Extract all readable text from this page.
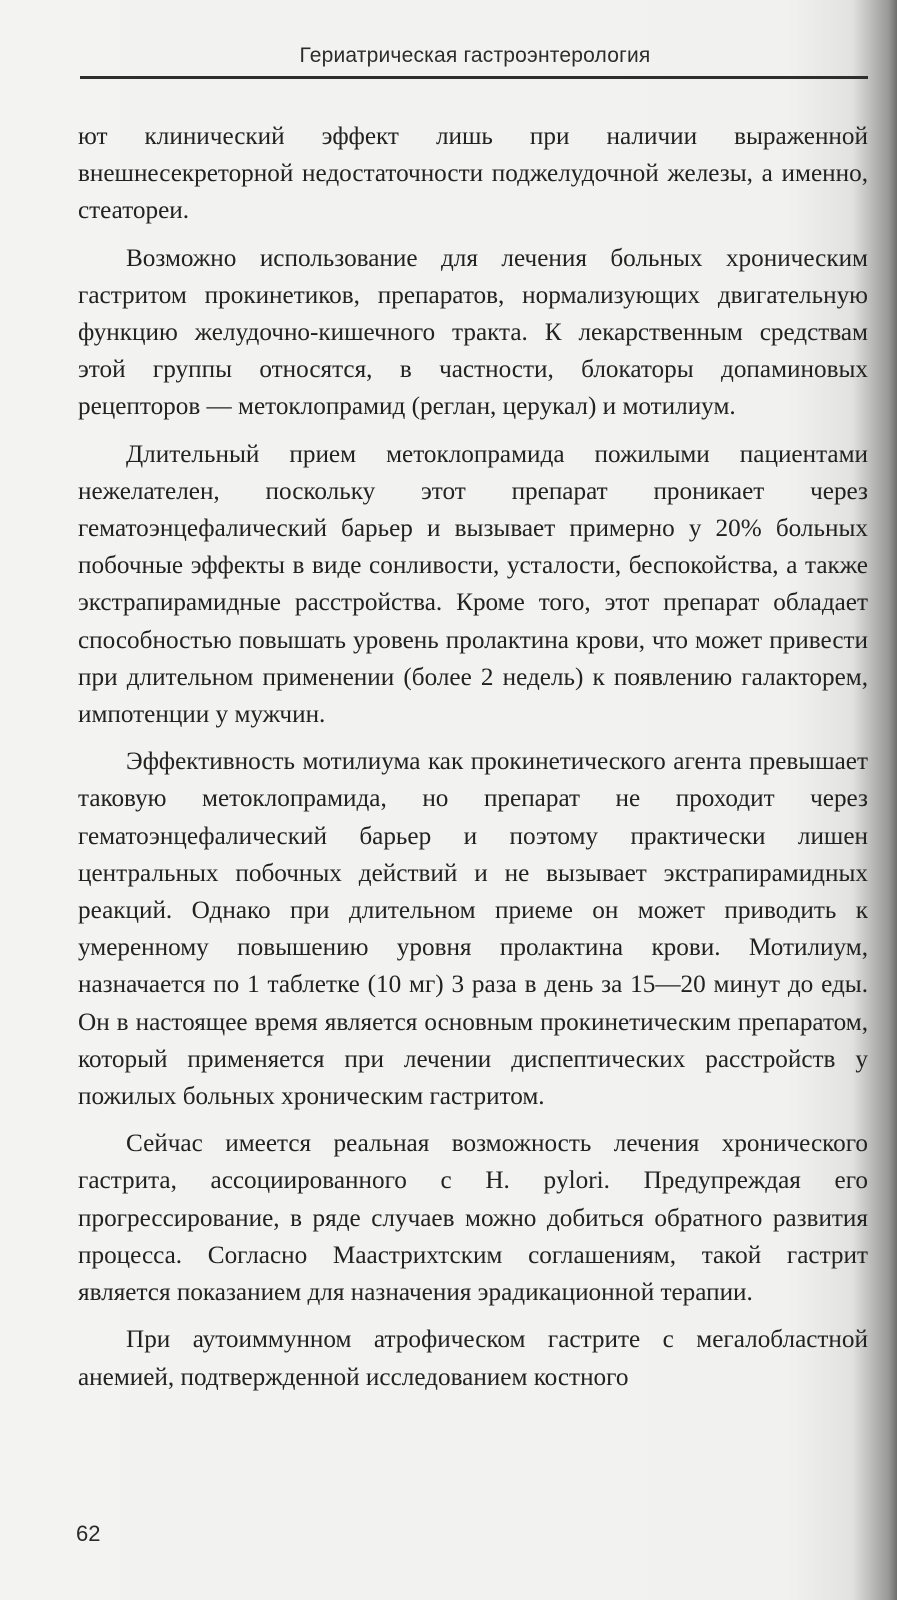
Гериатрическая гастроэнтерология

ют клинический эффект лишь при наличии выраженной внешнесекреторной недостаточности поджелудочной железы, а именно, стеатореи.

Возможно использование для лечения больных хроническим гастритом прокинетиков, препаратов, нормализующих двигательную функцию желудочно-кишечного тракта. К лекарственным средствам этой группы относятся, в частности, блокаторы допаминовых рецепторов — метоклопрамид (реглан, церукал) и мотилиум.

Длительный прием метоклопрамида пожилыми пациентами нежелателен, поскольку этот препарат проникает через гематоэнцефалический барьер и вызывает примерно у 20% больных побочные эффекты в виде сонливости, усталости, беспокойства, а также экстрапирамидные расстройства. Кроме того, этот препарат обладает способностью повышать уровень пролактина крови, что может привести при длительном применении (более 2 недель) к появлению галакторем, импотенции у мужчин.

Эффективность мотилиума как прокинетического агента превышает таковую метоклопрамида, но препарат не проходит через гематоэнцефалический барьер и поэтому практически лишен центральных побочных действий и не вызывает экстрапирамидных реакций. Однако при длительном приеме он может приводить к умеренному повышению уровня пролактина крови. Мотилиум, назначается по 1 таблетке (10 мг) 3 раза в день за 15—20 минут до еды. Он в настоящее время является основным прокинетическим препаратом, который применяется при лечении диспептических расстройств у пожилых больных хроническим гастритом.

Сейчас имеется реальная возможность лечения хронического гастрита, ассоциированного с H. pylori. Предупреждая его прогрессирование, в ряде случаев можно добиться обратного развития процесса. Согласно Маастрихтским соглашениям, такой гастрит является показанием для назначения эрадикационной терапии.

При аутоиммунном атрофическом гастрите с мегалобластной анемией, подтвержденной исследованием костного

62
